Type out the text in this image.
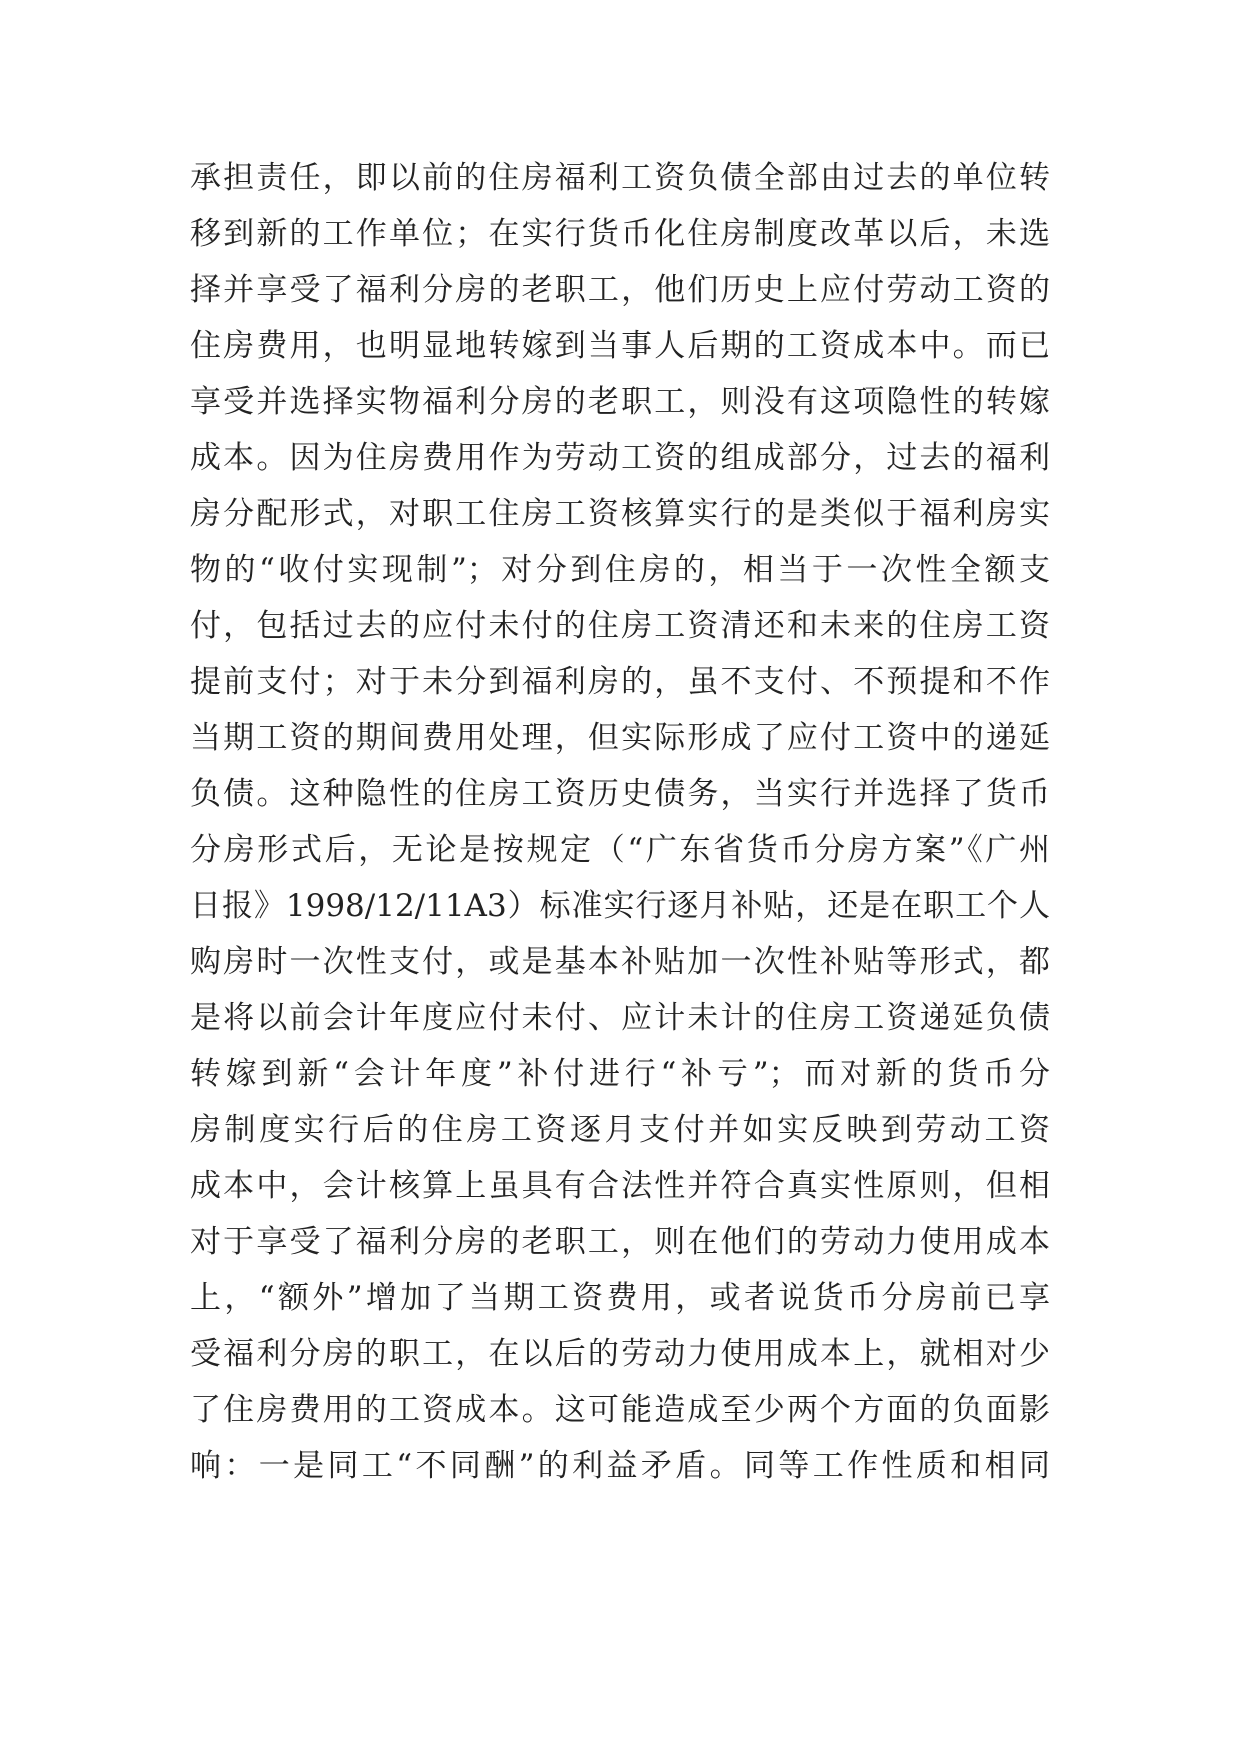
承担责任，即以前的住房福利工资负债全部由过去的单位转
移到新的工作单位；在实行货币化住房制度改革以后，未选
择并享受了福利分房的老职工，他们历史上应付劳动工资的
住房费用，也明显地转嫁到当事人后期的工资成本中。而已
享受并选择实物福利分房的老职工，则没有这项隐性的转嫁
成本。因为住房费用作为劳动工资的组成部分，过去的福利
房分配形式，对职工住房工资核算实行的是类似于福利房实
物的“收付实现制”；对分到住房的，相当于一次性全额支
付，包括过去的应付未付的住房工资清还和未来的住房工资
提前支付；对于未分到福利房的，虽不支付、不预提和不作
当期工资的期间费用处理，但实际形成了应付工资中的递延
负债。这种隐性的住房工资历史债务，当实行并选择了货币
分房形式后，无论是按规定（“广东省货币分房方案”《广州
日报》1998/12/11A3）标准实行逐月补贴，还是在职工个人
购房时一次性支付，或是基本补贴加一次性补贴等形式，都
是将以前会计年度应付未付、应计未计的住房工资递延负债
转嫁到新“会计年度”补付进行“补亏”；而对新的货币分
房制度实行后的住房工资逐月支付并如实反映到劳动工资
成本中，会计核算上虽具有合法性并符合真实性原则，但相
对于享受了福利分房的老职工，则在他们的劳动力使用成本
上，“额外”增加了当期工资费用，或者说货币分房前已享
受福利分房的职工，在以后的劳动力使用成本上，就相对少
了住房费用的工资成本。这可能造成至少两个方面的负面影
响：一是同工“不同酬”的利益矛盾。同等工作性质和相同
